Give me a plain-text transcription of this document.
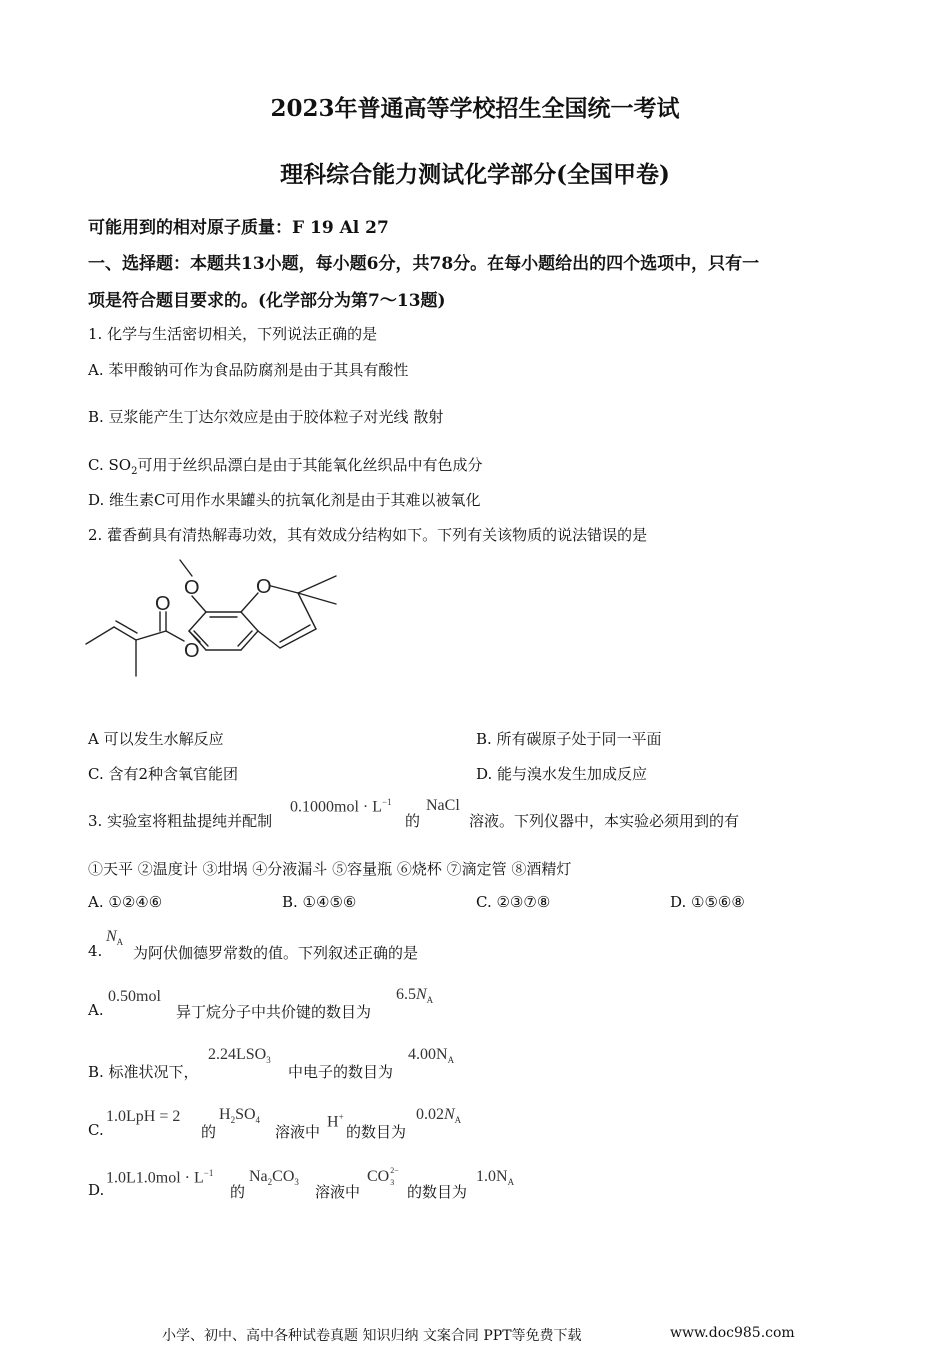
2023年普通高等学校招生全国统一考试
理科综合能力测试化学部分(全国甲卷)
可能用到的相对原子质量：F 19 Al 27
一、选择题：本题共13小题，每小题6分，共78分。在每小题给出的四个选项中，只有一
项是符合题目要求的。(化学部分为第7～13题)
1. 化学与生活密切相关，下列说法正确的是
A. 苯甲酸钠可作为食品防腐剂是由于其具有酸性
B. 豆浆能产生丁达尔效应是由于胶体粒子对光线 散射
C. $SO_2$可用于丝织品漂白是由于其能氧化丝织品中有色成分
D. 维生素C可用作水果罐头的抗氧化剂是由于其难以被氧化
2. 藿香蓟具有清热解毒功效，其有效成分结构如下。下列有关该物质的说法错误的是
O
O
O
O
A 可以发生水解反应	B. 所有碳原子处于同一平面
C. 含有2种含氧官能团	D. 能与溴水发生加成反应
3. 实验室将粗盐提纯并配制
$0.1000mol \cdot L^{-1}$
的
NaCl
溶液。下列仪器中，本实验必须用到的有
①天平 ②温度计 ③坩埚 ④分液漏斗 ⑤容量瓶 ⑥烧杯 ⑦滴定管 ⑧酒精灯
A. ①②④⑥	B. ①④⑤⑥	C. ②③⑦⑧	D. ①⑤⑥⑧
4.
$N_A$
为阿伏伽德罗常数的值。下列叙述正确的是
A.
0.50mol
异丁烷分子中共价键的数目为
$6.5N_A$
B. 标准状况下，
$2.24LSO_3$
中电子的数目为
$4.00N_A$
C.
1.0LpH = 2
的
$H_2SO_4$
溶液中
H+
的数目为
$0.02N_A$
D.
$1.0L1.0mol \cdot L^{-1}$
的
$Na_2CO_3$
溶液中
CO 2−
3
的数目为
$1.0N_A$
小学、初中、高中各种试卷真题 知识归纳 文案合同 PPT等免费下载	www.doc985.com
